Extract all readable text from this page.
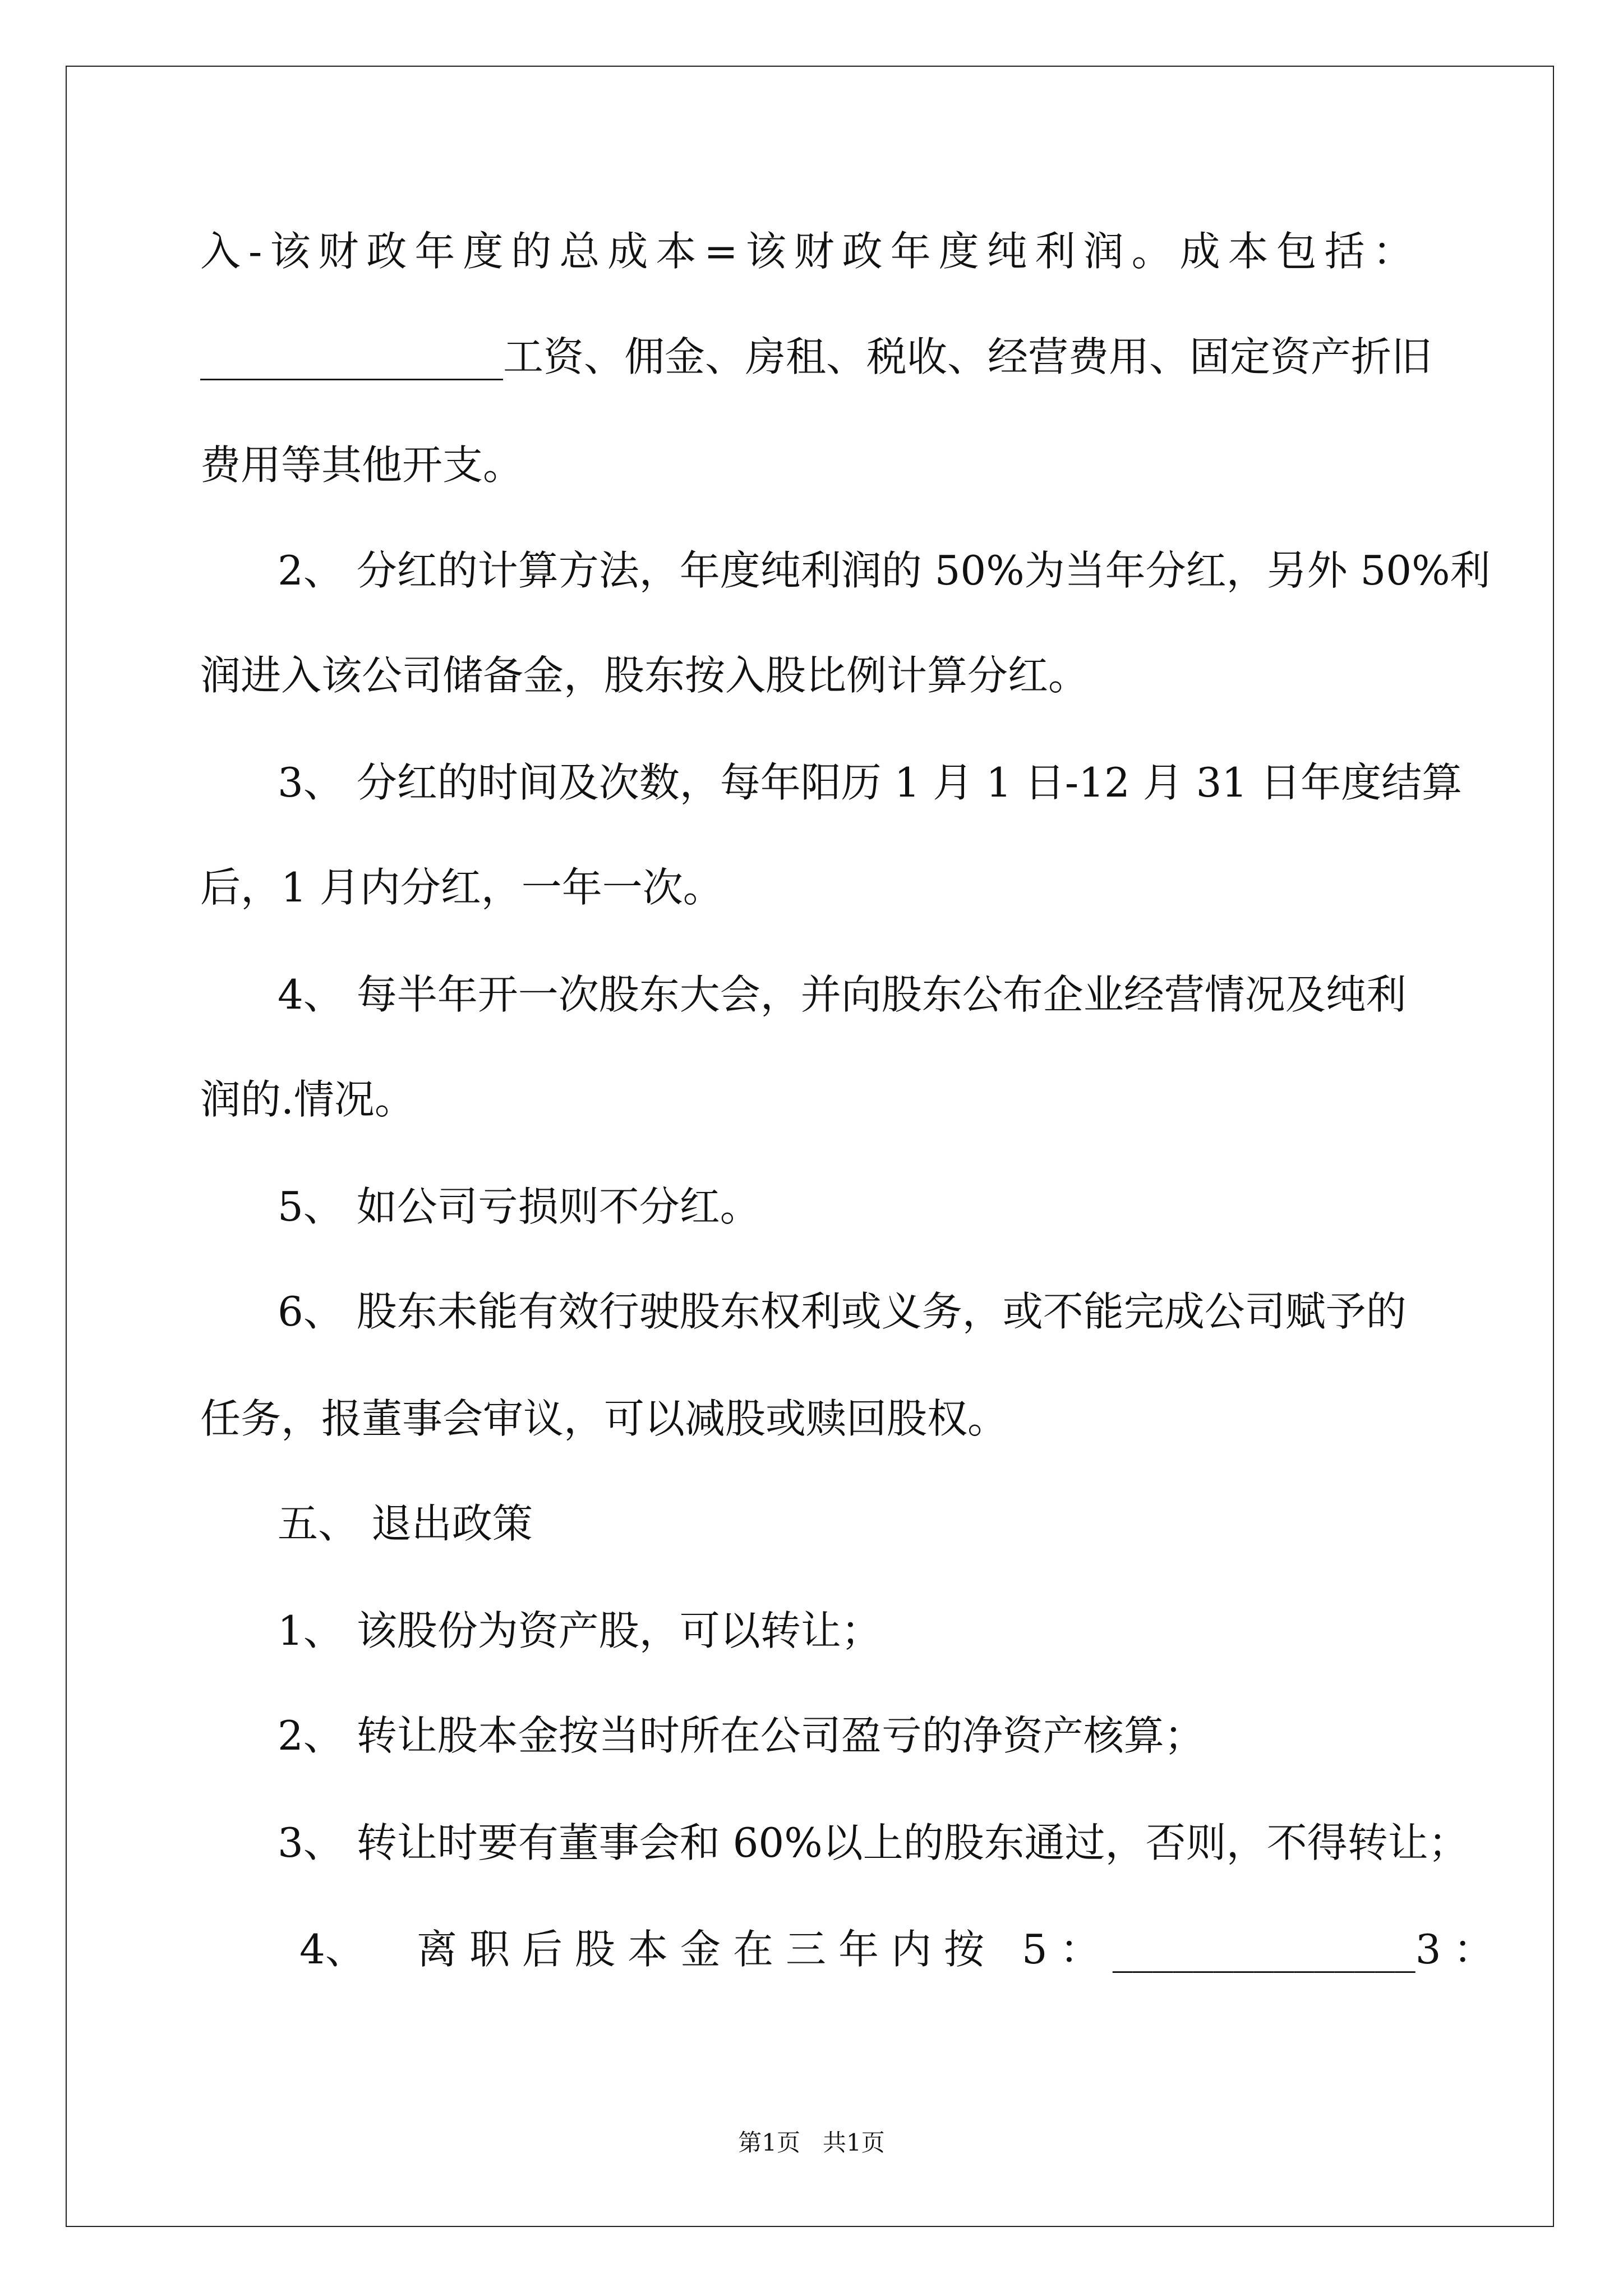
入-该财政年度的总成本=该财政年度纯利润。成本包括：
_______________工资、佣金、房租、税收、经营费用、固定资产折旧
费用等其他开支。
2、 分红的计算方法，年度纯利润的 50%为当年分红，另外 50%利
润进入该公司储备金，股东按入股比例计算分红。
3、 分红的时间及次数，每年阳历 1 月 1 日-12 月 31 日年度结算
后，1 月内分红，一年一次。
4、 每半年开一次股东大会，并向股东公布企业经营情况及纯利
润的.情况。
5、 如公司亏损则不分红。
6、 股东未能有效行驶股东权利或义务，或不能完成公司赋予的
任务，报董事会审议，可以减股或赎回股权。
五、 退出政策
1、 该股份为资产股，可以转让；
2、 转让股本金按当时所在公司盈亏的净资产核算；
3、 转让时要有董事会和 60%以上的股东通过，否则，不得转让；
4、 离职后股本金在三年内按 5：_______________3：
第1页   共1页
